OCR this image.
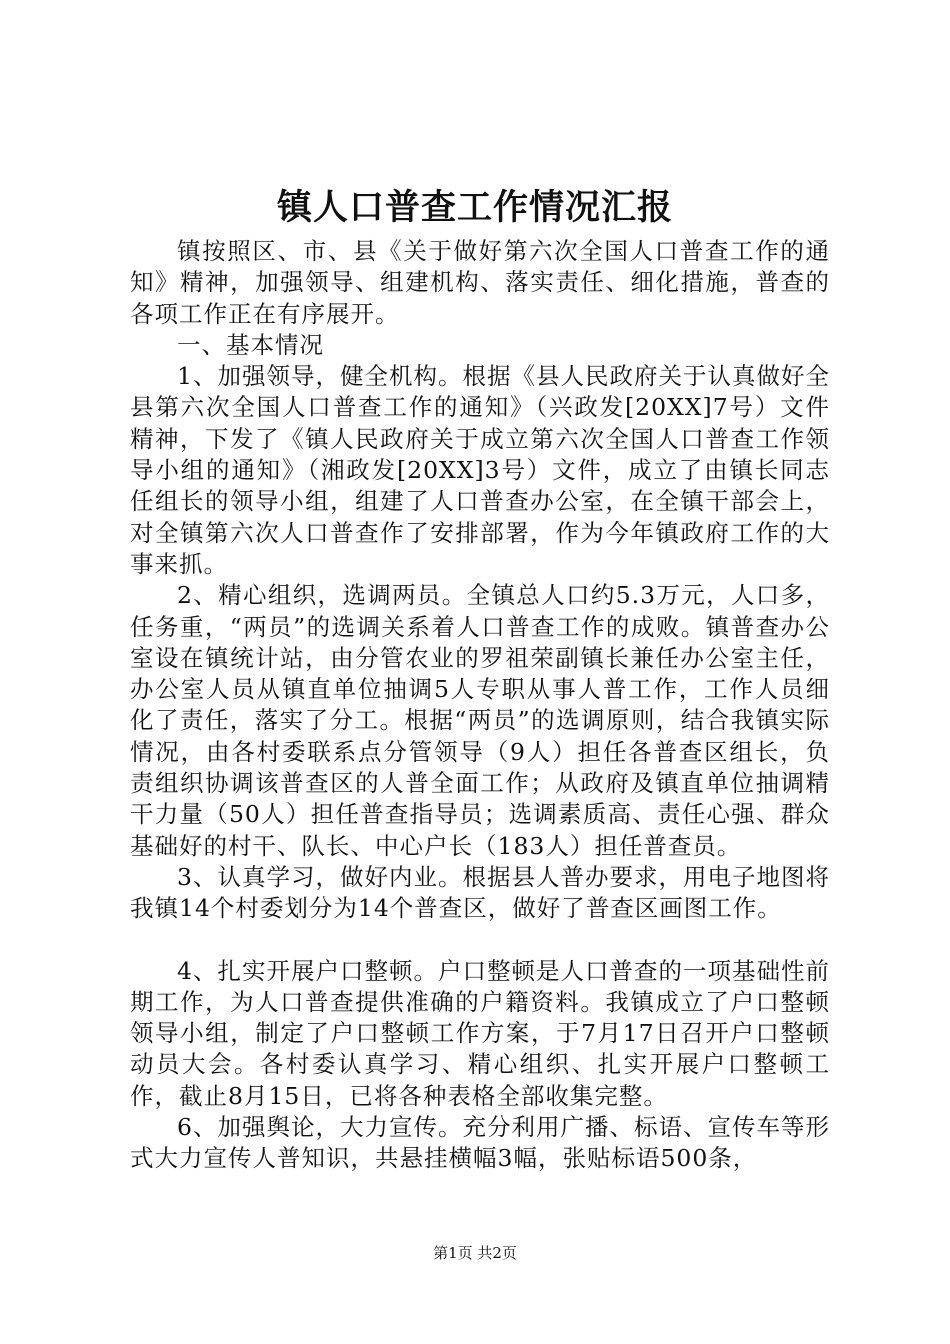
镇人口普查工作情况汇报

镇按照区、市、县《关于做好第六次全国人口普查工作的通知》精神，加强领导、组建机构、落实责任、细化措施，普查的各项工作正在有序展开。

一、基本情况

1、加强领导，健全机构。根据《县人民政府关于认真做好全县第六次全国人口普查工作的通知》（兴政发[20XX]7号）文件精神，下发了《镇人民政府关于成立第六次全国人口普查工作领导小组的通知》（湘政发[20XX]3号）文件，成立了由镇长同志任组长的领导小组，组建了人口普查办公室，在全镇干部会上，对全镇第六次人口普查作了安排部署，作为今年镇政府工作的大事来抓。

2、精心组织，选调两员。全镇总人口约5.3万元，人口多，任务重，“两员”的选调关系着人口普查工作的成败。镇普查办公室设在镇统计站，由分管农业的罗祖荣副镇长兼任办公室主任，办公室人员从镇直单位抽调5人专职从事人普工作，工作人员细化了责任，落实了分工。根据“两员”的选调原则，结合我镇实际情况，由各村委联系点分管领导（9人）担任各普查区组长，负责组织协调该普查区的人普全面工作；从政府及镇直单位抽调精干力量（50人）担任普查指导员；选调素质高、责任心强、群众基础好的村干、队长、中心户长（183人）担任普查员。

3、认真学习，做好内业。根据县人普办要求，用电子地图将我镇14个村委划分为14个普查区，做好了普查区画图工作。

4、扎实开展户口整顿。户口整顿是人口普查的一项基础性前期工作，为人口普查提供准确的户籍资料。我镇成立了户口整顿领导小组，制定了户口整顿工作方案，于7月17日召开户口整顿动员大会。各村委认真学习、精心组织、扎实开展户口整顿工作，截止8月15日，已将各种表格全部收集完整。

6、加强舆论，大力宣传。充分利用广播、标语、宣传车等形式大力宣传人普知识，共悬挂横幅3幅，张贴标语500条，

第1页 共2页
